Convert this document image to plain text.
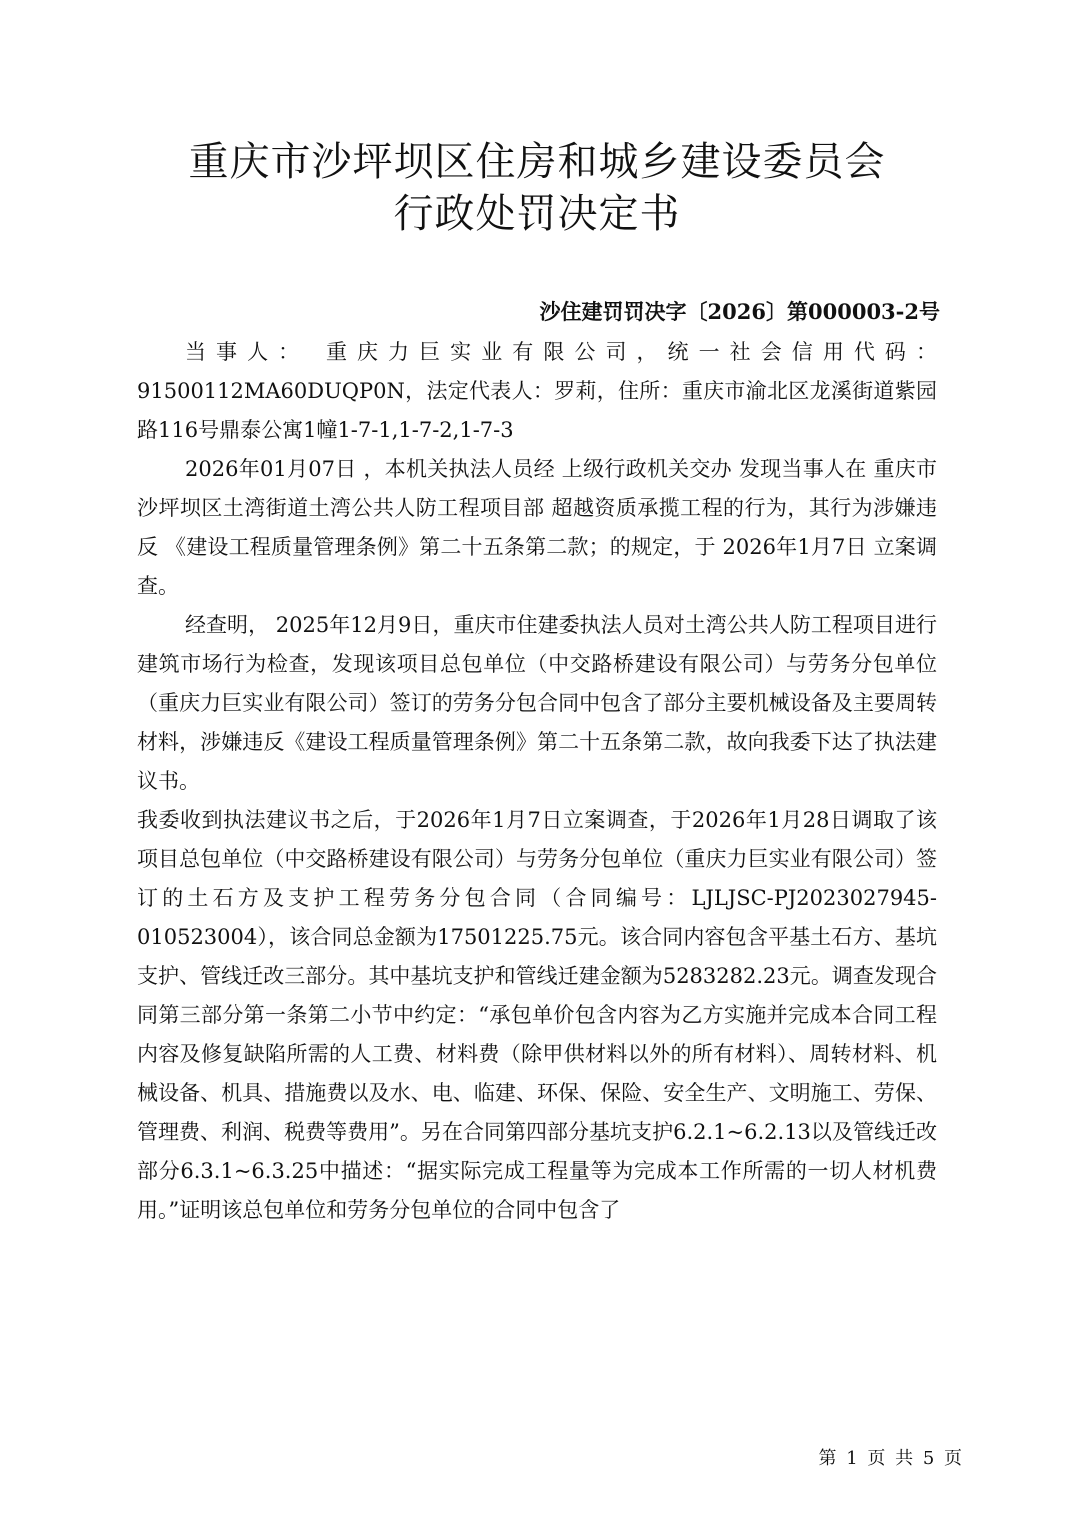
重庆市沙坪坝区住房和城乡建设委员会
行政处罚决定书
沙住建罚罚决字〔2026〕第000003-2号

当事人： 重庆力巨实业有限公司，统一社会信用代码：91500112MA60DUQP0N，法定代表人：罗莉，住所：重庆市渝北区龙溪街道紫园路116号鼎泰公寓1幢1-7-1,1-7-2,1-7-3

2026年01月07日 ，本机关执法人员经 上级行政机关交办 发现当事人在 重庆市沙坪坝区土湾街道土湾公共人防工程项目部 超越资质承揽工程的行为，其行为涉嫌违反 《建设工程质量管理条例》第二十五条第二款；的规定，于 2026年1月7日 立案调查。

经查明， 2025年12月9日，重庆市住建委执法人员对土湾公共人防工程项目进行建筑市场行为检查，发现该项目总包单位（中交路桥建设有限公司）与劳务分包单位（重庆力巨实业有限公司）签订的劳务分包合同中包含了部分主要机械设备及主要周转材料，涉嫌违反《建设工程质量管理条例》第二十五条第二款，故向我委下达了执法建议书。

我委收到执法建议书之后，于2026年1月7日立案调查，于2026年1月28日调取了该项目总包单位（中交路桥建设有限公司）与劳务分包单位（重庆力巨实业有限公司）签订的土石方及支护工程劳务分包合同（合同编号：LJLJSC-PJ2023027945-010523004），该合同总金额为17501225.75元。该合同内容包含平基土石方、基坑支护、管线迁改三部分。其中基坑支护和管线迁建金额为5283282.23元。调查发现合同第三部分第一条第二小节中约定：“承包单价包含内容为乙方实施并完成本合同工程内容及修复缺陷所需的人工费、材料费（除甲供材料以外的所有材料）、周转材料、机械设备、机具、措施费以及水、电、临建、环保、保险、安全生产、文明施工、劳保、管理费、利润、税费等费用”。另在合同第四部分基坑支护6.2.1~6.2.13以及管线迁改部分6.3.1~6.3.25中描述：“据实际完成工程量等为完成本工作所需的一切人材机费用。”证明该总包单位和劳务分包单位的合同中包含了

第 1 页 共 5 页
